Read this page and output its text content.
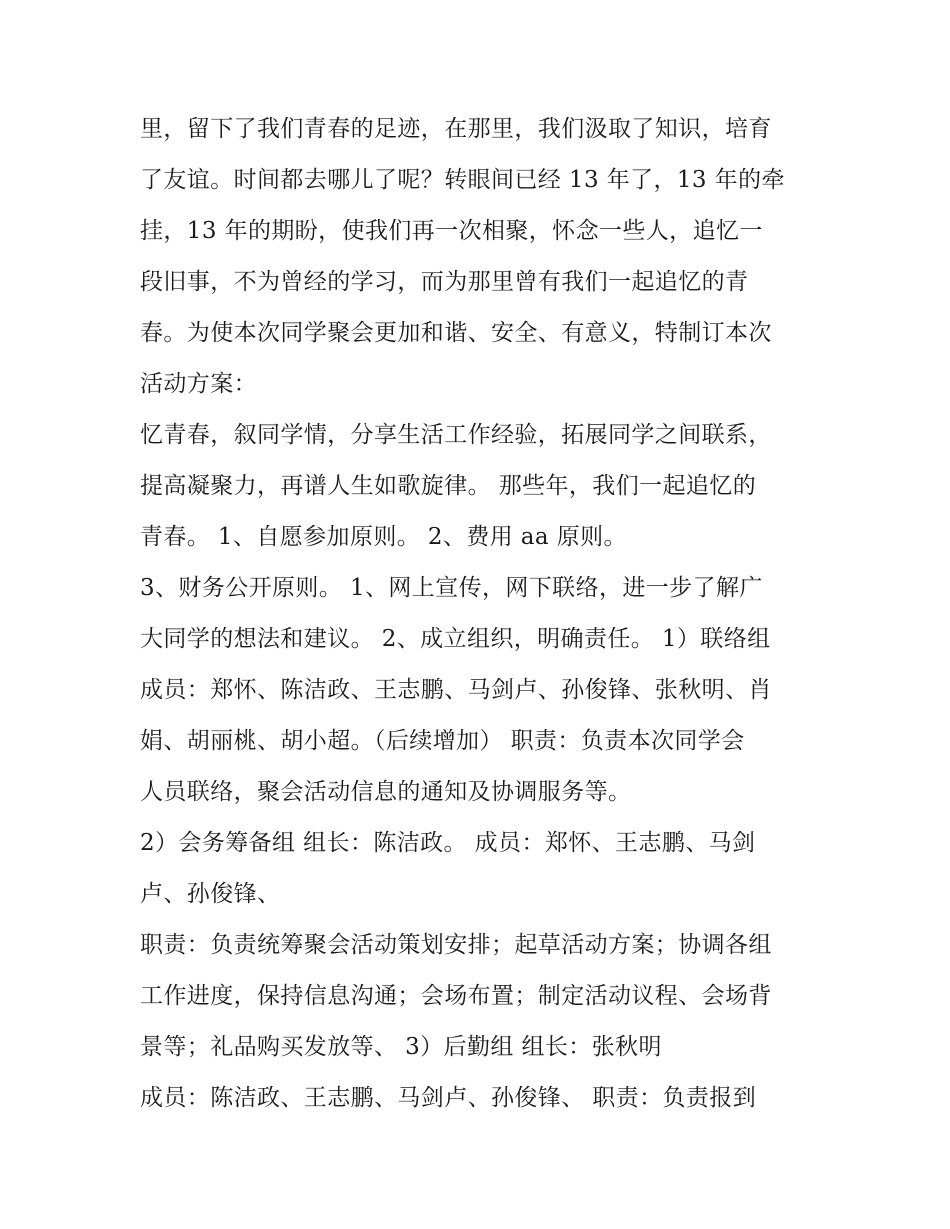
里，留下了我们青春的足迹，在那里，我们汲取了知识，培育
了友谊。时间都去哪儿了呢？转眼间已经 13 年了，13 年的牵
挂，13 年的期盼，使我们再一次相聚，怀念一些人，追忆一
段旧事，不为曾经的学习，而为那里曾有我们一起追忆的青
春。为使本次同学聚会更加和谐、安全、有意义，特制订本次
活动方案：
忆青春，叙同学情，分享生活工作经验，拓展同学之间联系，
提高凝聚力，再谱人生如歌旋律。 那些年，我们一起追忆的
青春。 1、自愿参加原则。 2、费用 aa 原则。
3、财务公开原则。 1、网上宣传，网下联络，进一步了解广
大同学的想法和建议。 2、成立组织，明确责任。 1）联络组
成员：郑怀、陈洁政、王志鹏、马剑卢、孙俊锋、张秋明、肖
娟、胡丽桃、胡小超。（后续增加） 职责：负责本次同学会
人员联络，聚会活动信息的通知及协调服务等。
2）会务筹备组 组长：陈洁政。 成员：郑怀、王志鹏、马剑
卢、孙俊锋、
职责：负责统筹聚会活动策划安排；起草活动方案；协调各组
工作进度，保持信息沟通；会场布置；制定活动议程、会场背
景等；礼品购买发放等、 3）后勤组 组长：张秋明
成员：陈洁政、王志鹏、马剑卢、孙俊锋、 职责：负责报到
